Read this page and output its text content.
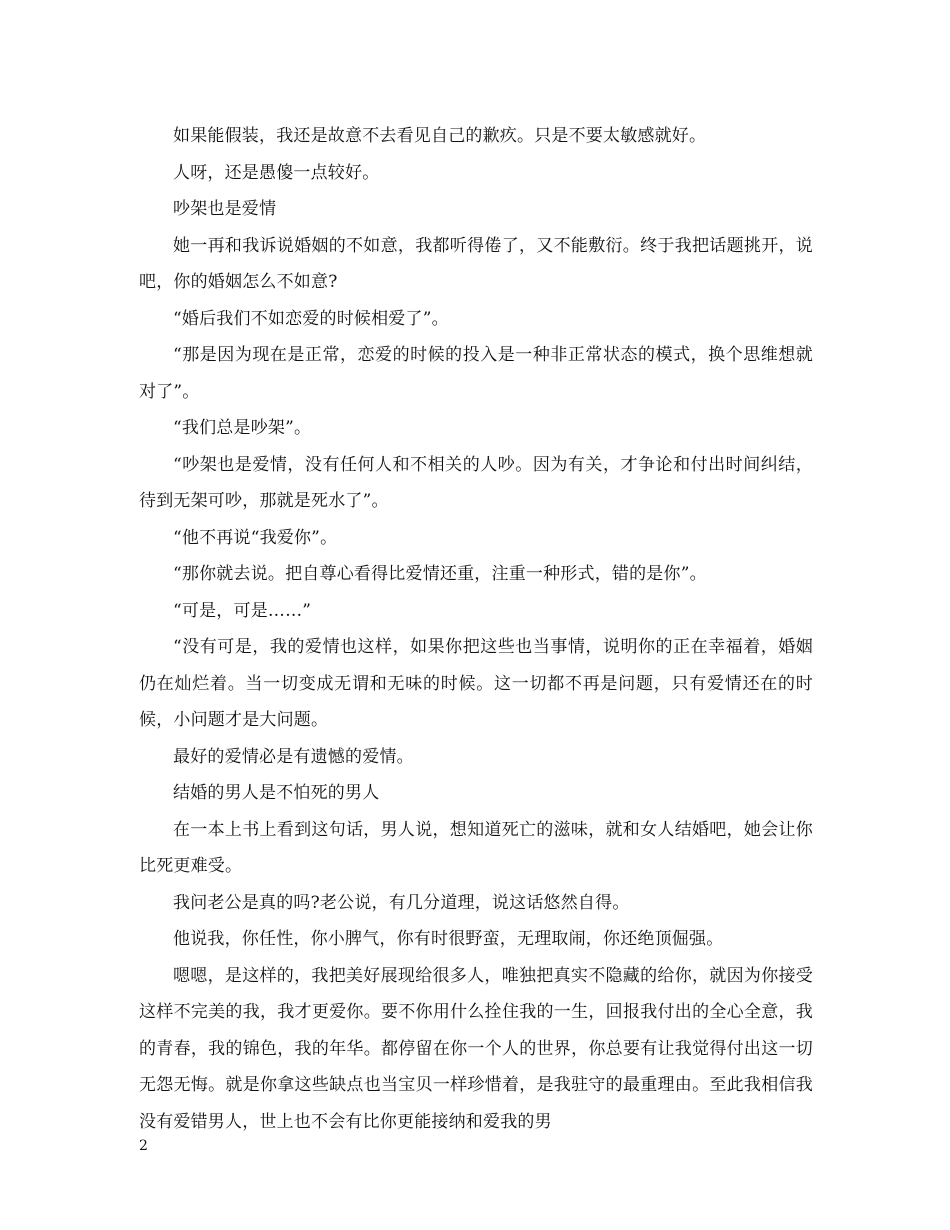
如果能假装，我还是故意不去看见自己的歉疚。只是不要太敏感就好。

人呀，还是愚傻一点较好。

吵架也是爱情

她一再和我诉说婚姻的不如意，我都听得倦了，又不能敷衍。终于我把话题挑开，说吧，你的婚姻怎么不如意?

“婚后我们不如恋爱的时候相爱了”。

“那是因为现在是正常，恋爱的时候的投入是一种非正常状态的模式，换个思维想就对了”。

“我们总是吵架”。

“吵架也是爱情，没有任何人和不相关的人吵。因为有关，才争论和付出时间纠结，待到无架可吵，那就是死水了”。

“他不再说“我爱你”。

“那你就去说。把自尊心看得比爱情还重，注重一种形式，错的是你”。

“可是，可是……”

“没有可是，我的爱情也这样，如果你把这些也当事情，说明你的正在幸福着，婚姻仍在灿烂着。当一切变成无谓和无味的时候。这一切都不再是问题，只有爱情还在的时候，小问题才是大问题。

最好的爱情必是有遗憾的爱情。

结婚的男人是不怕死的男人

在一本上书上看到这句话，男人说，想知道死亡的滋味，就和女人结婚吧，她会让你比死更难受。

我问老公是真的吗?老公说，有几分道理，说这话悠然自得。

他说我，你任性，你小脾气，你有时很野蛮，无理取闹，你还绝顶倔强。

嗯嗯，是这样的，我把美好展现给很多人，唯独把真实不隐藏的给你，就因为你接受这样不完美的我，我才更爱你。要不你用什么拴住我的一生，回报我付出的全心全意，我的青春，我的锦色，我的年华。都停留在你一个人的世界，你总要有让我觉得付出这一切无怨无悔。就是你拿这些缺点也当宝贝一样珍惜着，是我驻守的最重理由。至此我相信我没有爱错男人，世上也不会有比你更能接纳和爱我的男

2
